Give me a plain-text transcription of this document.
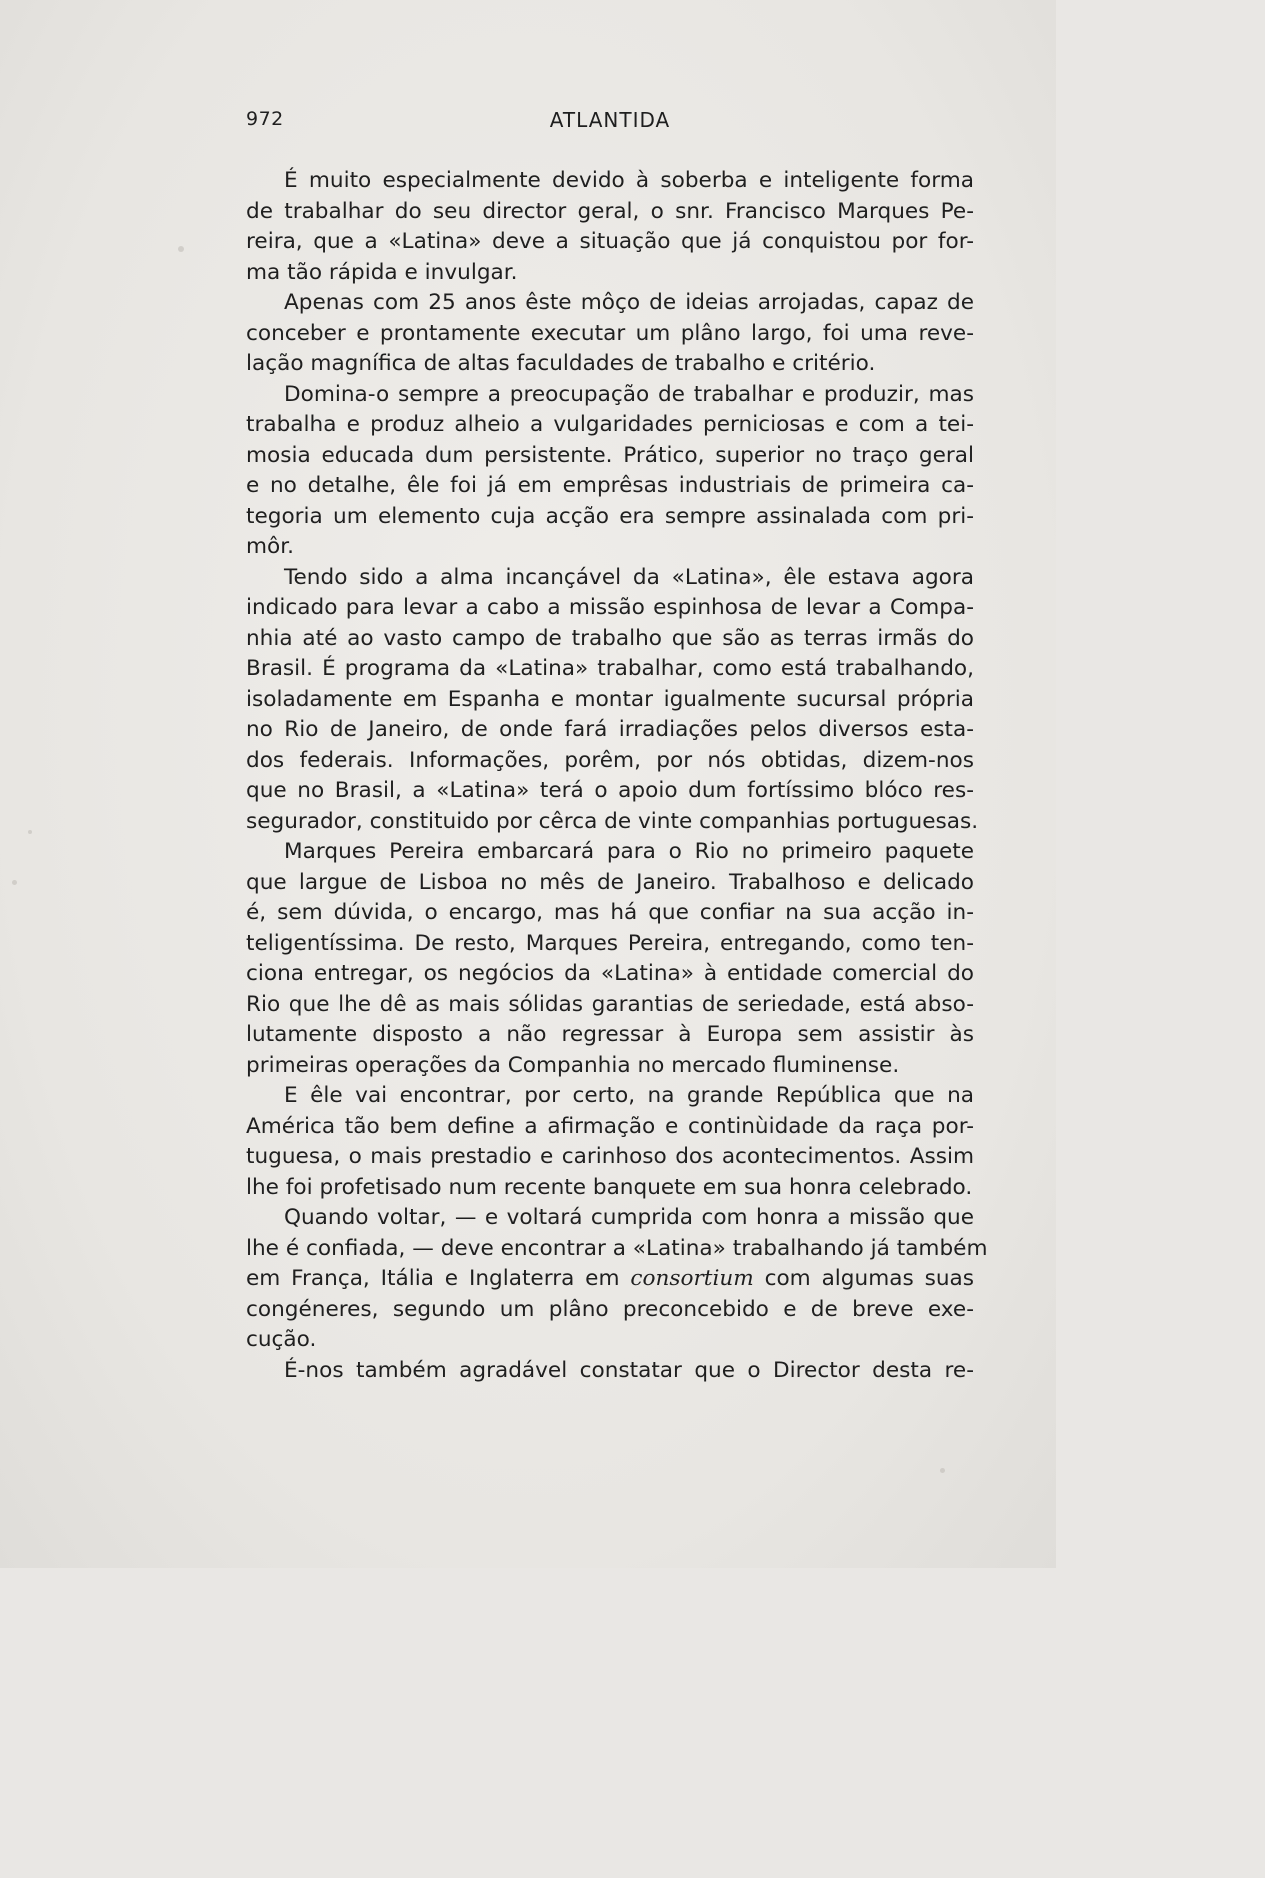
972	ATLANTIDA
É muito especialmente devido à soberba e inteligente forma
de trabalhar do seu director geral, o snr. Francisco Marques Pe-
reira, que a «Latina» deve a situação que já conquistou por for-
ma tão rápida e invulgar.
Apenas com 25 anos êste môço de ideias arrojadas, capaz de
conceber e prontamente executar um plâno largo, foi uma reve-
lação magnífica de altas faculdades de trabalho e critério.
Domina-o sempre a preocupação de trabalhar e produzir, mas
trabalha e produz alheio a vulgaridades perniciosas e com a tei-
mosia educada dum persistente. Prático, superior no traço geral
e no detalhe, êle foi já em emprêsas industriais de primeira ca-
tegoria um elemento cuja acção era sempre assinalada com pri-
môr.
Tendo sido a alma incançável da «Latina», êle estava agora
indicado para levar a cabo a missão espinhosa de levar a Compa-
nhia até ao vasto campo de trabalho que são as terras irmãs do
Brasil. É programa da «Latina» trabalhar, como está trabalhando,
isoladamente em Espanha e montar igualmente sucursal própria
no Rio de Janeiro, de onde fará irradiações pelos diversos esta-
dos federais. Informações, porêm, por nós obtidas, dizem-nos
que no Brasil, a «Latina» terá o apoio dum fortíssimo blóco res-
segurador, constituido por cêrca de vinte companhias portuguesas.
Marques Pereira embarcará para o Rio no primeiro paquete
que largue de Lisboa no mês de Janeiro. Trabalhoso e delicado
é, sem dúvida, o encargo, mas há que confiar na sua acção in-
teligentíssima. De resto, Marques Pereira, entregando, como ten-
ciona entregar, os negócios da «Latina» à entidade comercial do
Rio que lhe dê as mais sólidas garantias de seriedade, está abso-
lutamente disposto a não regressar à Europa sem assistir às
primeiras operações da Companhia no mercado fluminense.
E êle vai encontrar, por certo, na grande República que na
América tão bem define a afirmação e continùidade da raça por-
tuguesa, o mais prestadio e carinhoso dos acontecimentos. Assim
lhe foi profetisado num recente banquete em sua honra celebrado.
Quando voltar, — e voltará cumprida com honra a missão que
lhe é confiada, — deve encontrar a «Latina» trabalhando já também
em França, Itália e Inglaterra em consortium com algumas suas
congéneres, segundo um plâno preconcebido e de breve exe-
cução.
É-nos também agradável constatar que o Director desta re-
